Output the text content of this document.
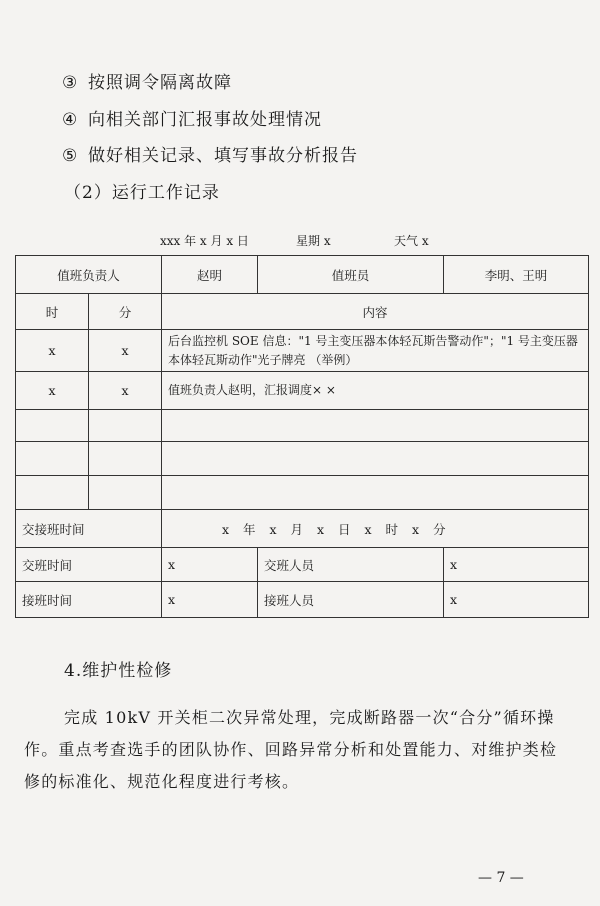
③ 按照调令隔离故障
④ 向相关部门汇报事故处理情况
⑤ 做好相关记录、填写事故分析报告
（2）运行工作记录
xxx 年 x 月 x 日	星期 x	天气 x
值班负责人		赵明	值班员	李明、王明
时	分	内容		
x	x	后台监控机 SOE 信息："1 号主变压器本体轻瓦斯告警动作"；"1 号主变压器本体轻瓦斯动作"光子牌亮 （举例）		
x	x	值班负责人赵明，汇报调度× ×		

交接班时间		x 年 x 月 x 日 x 时 x 分		
交班时间		x	交班人员	x
接班时间		x	接班人员	x
4.维护性检修
完成 10kV 开关柜二次异常处理，完成断路器一次“合分”循环操作。重点考查选手的团队协作、回路异常分析和处置能力、对维护类检修的标准化、规范化程度进行考核。
— 7 —
